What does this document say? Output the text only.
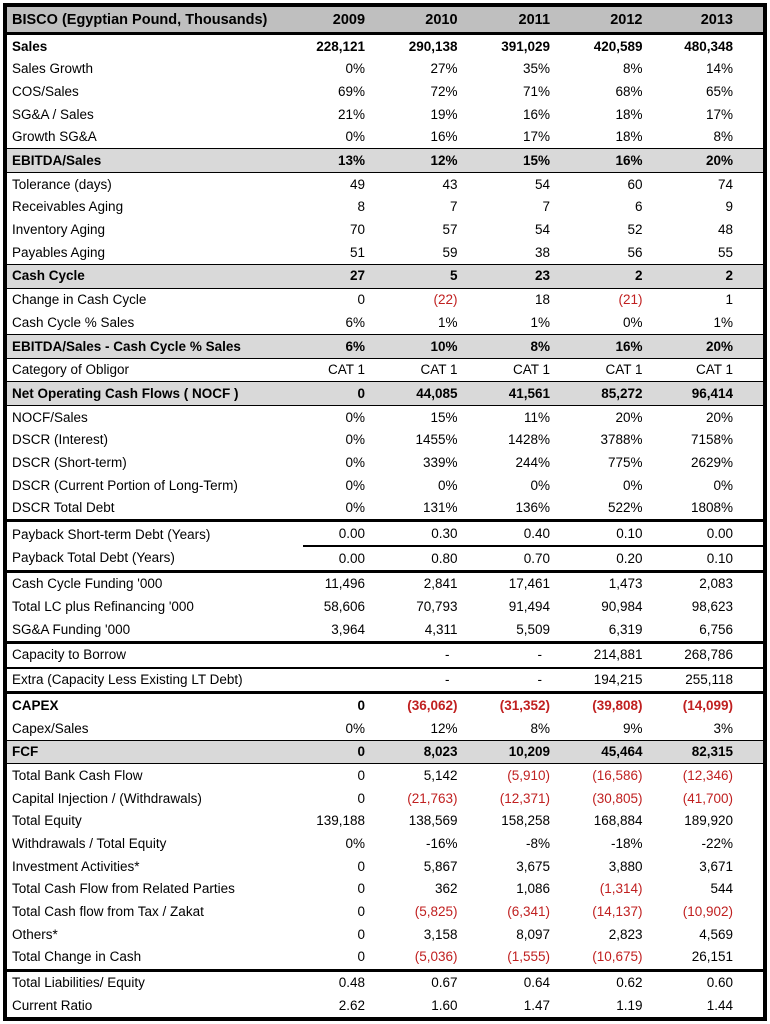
BISCO (Egyptian Pound, Thousands)	2009	2010	2011	2012	2013
Sales	228,121	290,138	391,029	420,589	480,348
Sales Growth	0%	27%	35%	8%	14%
COS/Sales	69%	72%	71%	68%	65%
SG&A / Sales	21%	19%	16%	18%	17%
Growth SG&A	0%	16%	17%	18%	8%
EBITDA/Sales	13%	12%	15%	16%	20%
Tolerance (days)	49	43	54	60	74
Receivables Aging	8	7	7	6	9
Inventory Aging	70	57	54	52	48
Payables Aging	51	59	38	56	55
Cash Cycle	27	5	23	2	2
Change in Cash Cycle	0	(22)	18	(21)	1
Cash Cycle % Sales	6%	1%	1%	0%	1%
EBITDA/Sales - Cash Cycle % Sales	6%	10%	8%	16%	20%
Category of Obligor	CAT 1	CAT 1	CAT 1	CAT 1	CAT 1
Net Operating Cash Flows ( NOCF )	0	44,085	41,561	85,272	96,414
NOCF/Sales	0%	15%	11%	20%	20%
DSCR (Interest)	0%	1455%	1428%	3788%	7158%
DSCR (Short-term)	0%	339%	244%	775%	2629%
DSCR (Current Portion of Long-Term)	0%	0%	0%	0%	0%
DSCR Total Debt	0%	131%	136%	522%	1808%
Payback Short-term Debt (Years)	0.00	0.30	0.40	0.10	0.00
Payback Total Debt (Years)	0.00	0.80	0.70	0.20	0.10
Cash Cycle Funding '000	11,496	2,841	17,461	1,473	2,083
Total LC plus Refinancing '000	58,606	70,793	91,494	90,984	98,623
SG&A Funding '000	3,964	4,311	5,509	6,319	6,756
Capacity to Borrow		-	-	214,881	268,786
Extra (Capacity Less Existing LT Debt)		-	-	194,215	255,118
CAPEX	0	(36,062)	(31,352)	(39,808)	(14,099)
Capex/Sales	0%	12%	8%	9%	3%
FCF	0	8,023	10,209	45,464	82,315
Total Bank Cash Flow	0	5,142	(5,910)	(16,586)	(12,346)
Capital Injection / (Withdrawals)	0	(21,763)	(12,371)	(30,805)	(41,700)
Total Equity	139,188	138,569	158,258	168,884	189,920
Withdrawals / Total Equity	0%	-16%	-8%	-18%	-22%
Investment Activities*	0	5,867	3,675	3,880	3,671
Total Cash Flow from Related Parties	0	362	1,086	(1,314)	544
Total Cash flow from Tax / Zakat	0	(5,825)	(6,341)	(14,137)	(10,902)
Others*	0	3,158	8,097	2,823	4,569
Total Change in Cash	0	(5,036)	(1,555)	(10,675)	26,151
Total Liabilities/ Equity	0.48	0.67	0.64	0.62	0.60
Current Ratio	2.62	1.60	1.47	1.19	1.44
